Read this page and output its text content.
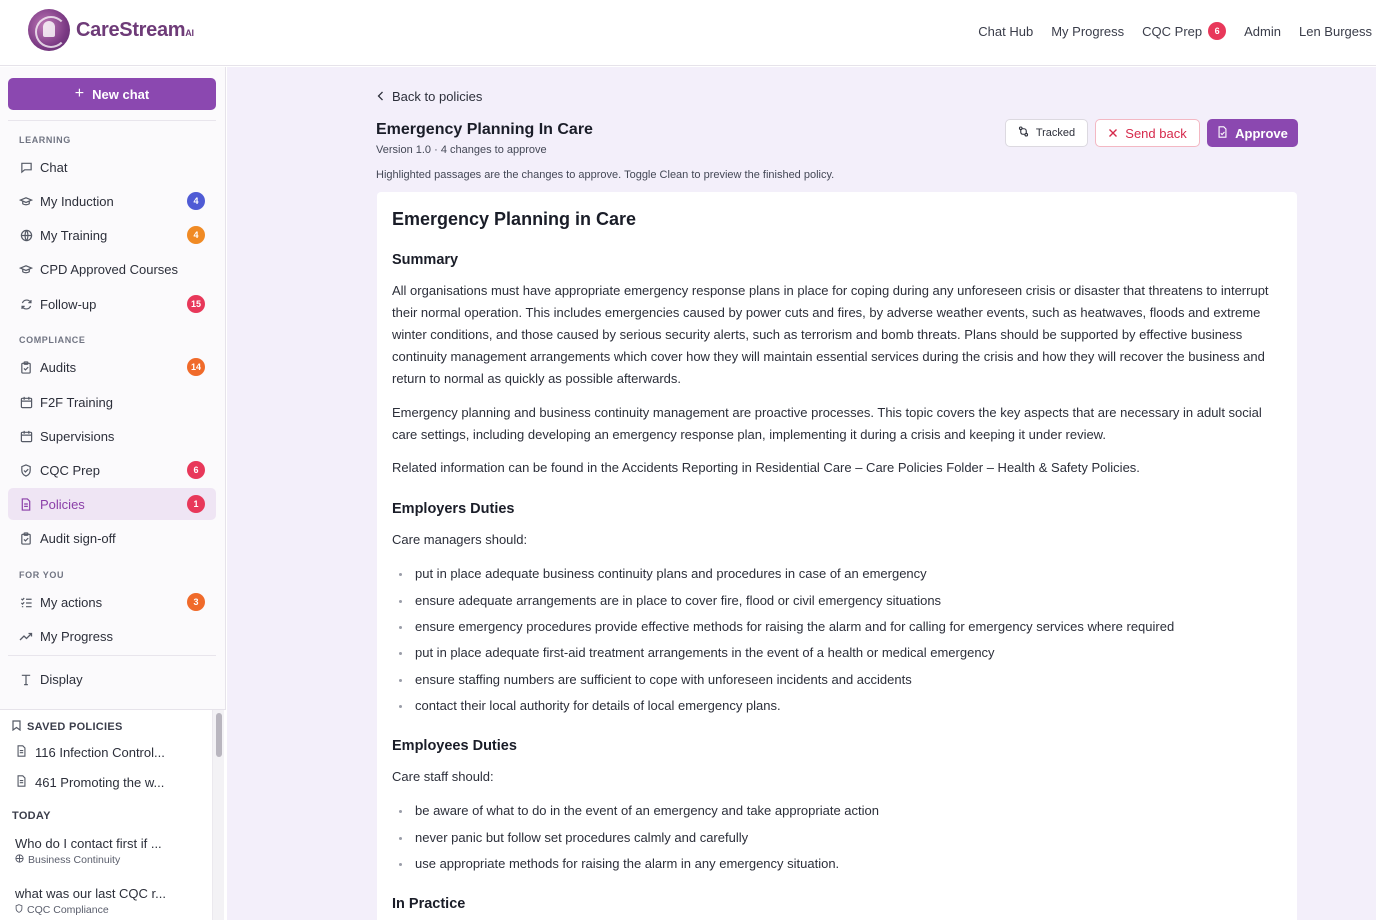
CareStreamAI	Chat Hub My Progress CQC Prep	6	Admin Len Burgess
+ New chat
LEARNING
Chat
My Induction	4
My Training	4
CPD Approved Courses
Follow-up	15
COMPLIANCE
Audits	14
F2F Training
Supervisions
CQC Prep	6
Policies	1
Audit sign-off
FOR YOU
My actions	3
My Progress
Display
SAVED POLICIES
116 Infection Control...
461 Promoting the w...
TODAY
Who do I contact first if ...
Business Continuity
what was our last CQC r...
CQC Compliance
Back to policies
Emergency Planning In Care
Version 1.0 · 4 changes to approve
Highlighted passages are the changes to approve. Toggle Clean to preview the finished policy.
Tracked	Send back	Approve
Emergency Planning in Care
Summary

All organisations must have appropriate emergency response plans in place for coping during any unforeseen crisis or disaster that threatens to interrupt their normal operation. This includes emergencies caused by power cuts and fires, by adverse weather events, such as heatwaves, floods and extreme winter conditions, and those caused by serious security alerts, such as terrorism and bomb threats. Plans should be supported by effective business continuity management arrangements which cover how they will maintain essential services during the crisis and how they will recover the business and return to normal as quickly as possible afterwards.

Emergency planning and business continuity management are proactive processes. This topic covers the key aspects that are necessary in adult social care settings, including developing an emergency response plan, implementing it during a crisis and keeping it under review.

Related information can be found in the Accidents Reporting in Residential Care – Care Policies Folder – Health & Safety Policies.

Employers Duties

Care managers should:

put in place adequate business continuity plans and procedures in case of an emergency
ensure adequate arrangements are in place to cover fire, flood or civil emergency situations
ensure emergency procedures provide effective methods for raising the alarm and for calling for emergency services where required
put in place adequate first-aid treatment arrangements in the event of a health or medical emergency
ensure staffing numbers are sufficient to cope with unforeseen incidents and accidents
contact their local authority for details of local emergency plans.
Employees Duties

Care staff should:

be aware of what to do in the event of an emergency and take appropriate action
never panic but follow set procedures calmly and carefully
use appropriate methods for raising the alarm in any emergency situation.
In Practice
